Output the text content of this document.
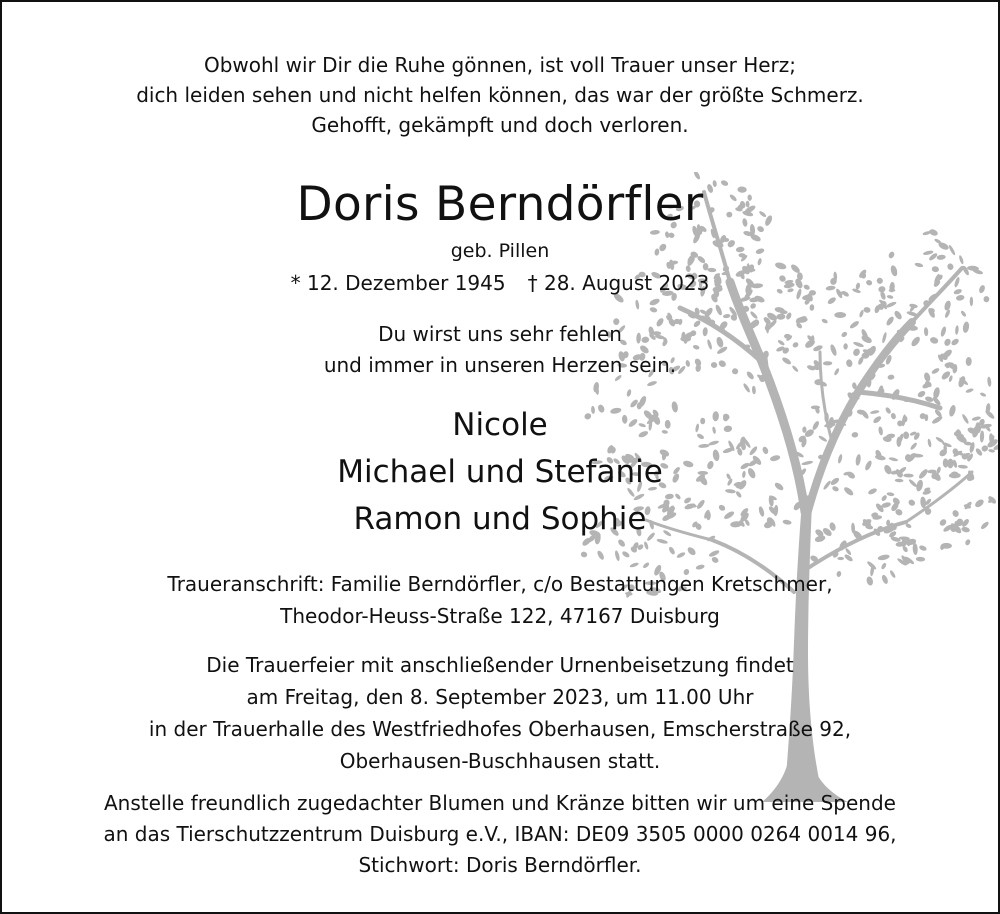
Obwohl wir Dir die Ruhe gönnen, ist voll Trauer unser Herz;
dich leiden sehen und nicht helfen können, das war der größte Schmerz.
Gehofft, gekämpft und doch verloren.
Doris Berndörfler
geb. Pillen
* 12. Dezember 1945 † 28. August 2023
Du wirst uns sehr fehlen
und immer in unseren Herzen sein.
Nicole
Michael und Stefanie
Ramon und Sophie
Traueranschrift: Familie Berndörfler, c/o Bestattungen Kretschmer,
Theodor-Heuss-Straße 122, 47167 Duisburg
Die Trauerfeier mit anschließender Urnenbeisetzung findet
am Freitag, den 8. September 2023, um 11.00 Uhr
in der Trauerhalle des Westfriedhofes Oberhausen, Emscherstraße 92,
Oberhausen-Buschhausen statt.
Anstelle freundlich zugedachter Blumen und Kränze bitten wir um eine Spende
an das Tierschutzzentrum Duisburg e.V., IBAN: DE09 3505 0000 0264 0014 96,
Stichwort: Doris Berndörfler.
